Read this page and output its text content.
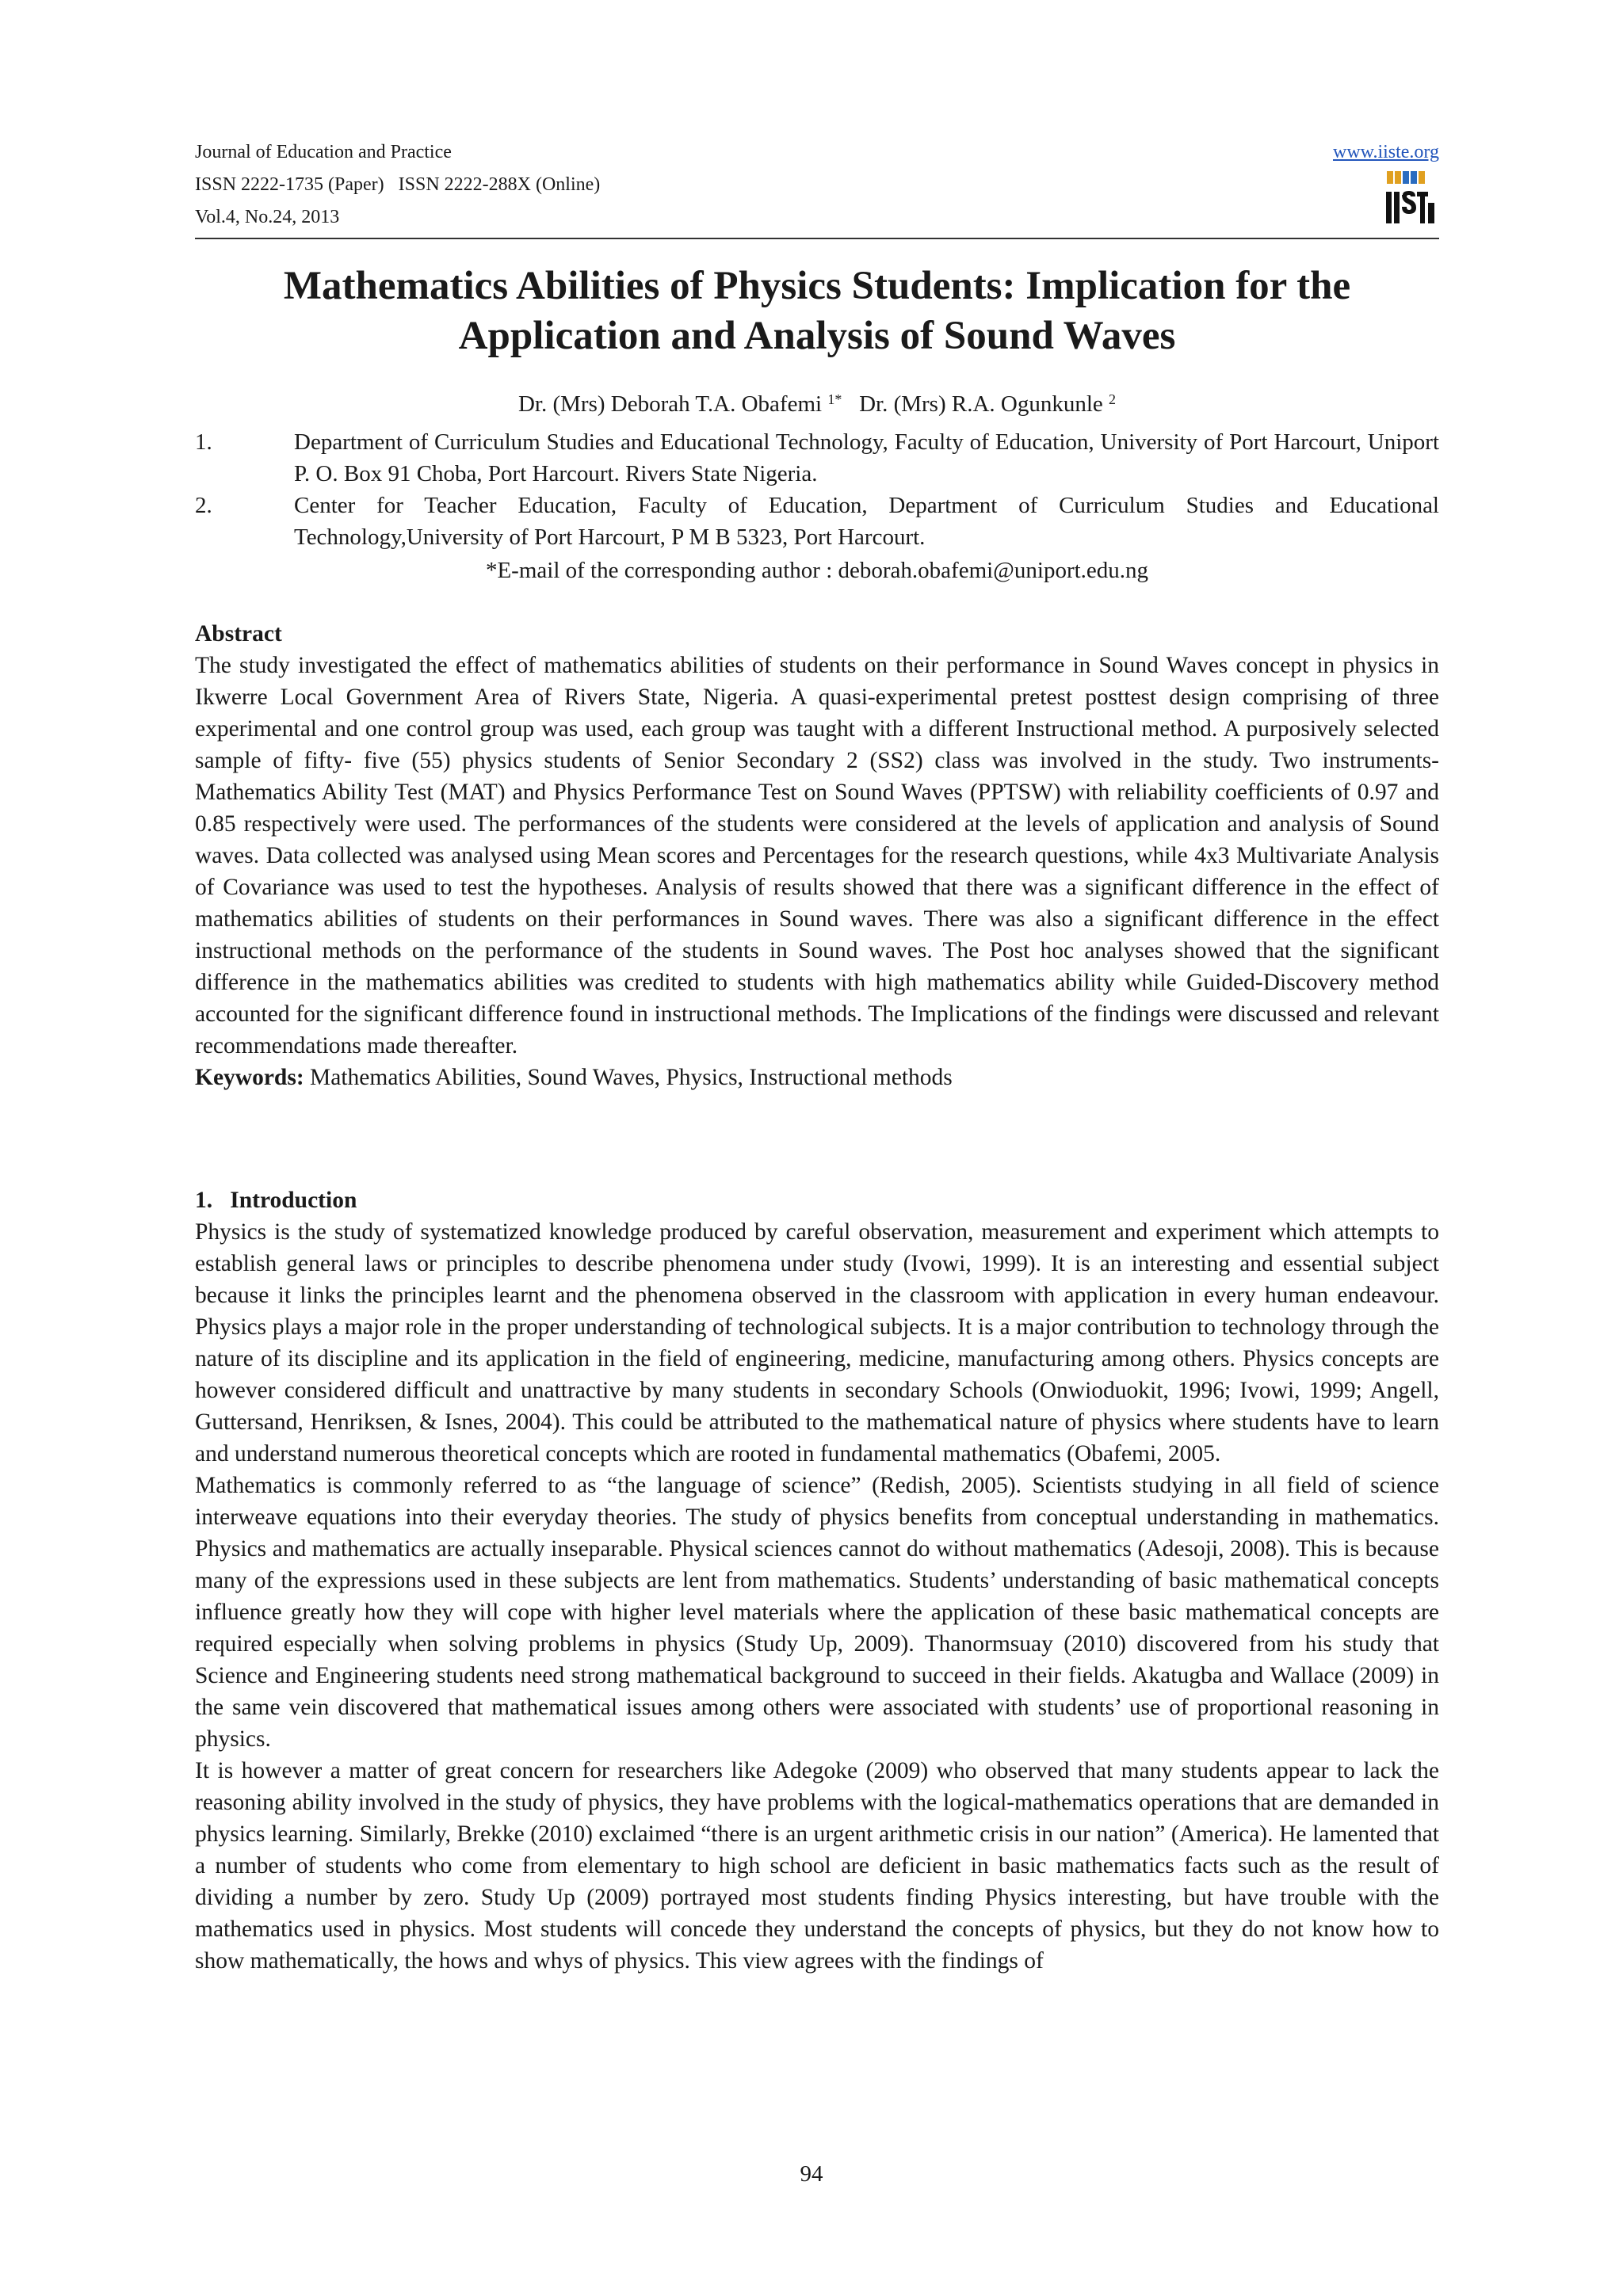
Journal of Education and Practice
ISSN 2222-1735 (Paper)   ISSN 2222-288X (Online)
Vol.4, No.24, 2013
www.iiste.org
Mathematics Abilities of Physics Students: Implication for the Application and Analysis of Sound Waves
Dr. (Mrs) Deborah T.A. Obafemi $^{1*}$ Dr. (Mrs) R.A. Ogunkunle $^2$
1.	Department of Curriculum Studies and Educational Technology, Faculty of Education, University of Port Harcourt, Uniport P. O. Box 91 Choba, Port Harcourt. Rivers State Nigeria.
2.	Center for Teacher Education, Faculty of Education, Department of Curriculum Studies and Educational Technology,University of Port Harcourt, P M B 5323, Port Harcourt.
*E-mail of the corresponding author : deborah.obafemi@uniport.edu.ng

Abstract

The study investigated the effect of mathematics abilities of students on their performance in Sound Waves concept in physics in Ikwerre Local Government Area of Rivers State, Nigeria. A quasi-experimental pretest posttest design comprising of three experimental and one control group was used, each group was taught with a different Instructional method. A purposively selected sample of fifty- five (55) physics students of Senior Secondary 2 (SS2) class was involved in the study. Two instruments- Mathematics Ability Test (MAT) and Physics Performance Test on Sound Waves (PPTSW) with reliability coefficients of 0.97 and 0.85 respectively were used. The performances of the students were considered at the levels of application and analysis of Sound waves. Data collected was analysed using Mean scores and Percentages for the research questions, while 4x3 Multivariate Analysis of Covariance was used to test the hypotheses. Analysis of results showed that there was a significant difference in the effect of mathematics abilities of students on their performances in Sound waves. There was also a significant difference in the effect instructional methods on the performance of the students in Sound waves. The Post hoc analyses showed that the significant difference in the mathematics abilities was credited to students with high mathematics ability while Guided-Discovery method accounted for the significant difference found in instructional methods. The Implications of the findings were discussed and relevant recommendations made thereafter.

Keywords: Mathematics Abilities, Sound Waves, Physics, Instructional methods

1.   Introduction

Physics is the study of systematized knowledge produced by careful observation, measurement and experiment which attempts to establish general laws or principles to describe phenomena under study (Ivowi, 1999). It is an interesting and essential subject because it links the principles learnt and the phenomena observed in the classroom with application in every human endeavour. Physics plays a major role in the proper understanding of technological subjects. It is a major contribution to technology through the nature of its discipline and its application in the field of engineering, medicine, manufacturing among others. Physics concepts are however considered difficult and unattractive by many students in secondary Schools (Onwioduokit, 1996; Ivowi, 1999; Angell, Guttersand, Henriksen, & Isnes, 2004). This could be attributed to the mathematical nature of physics where students have to learn and understand numerous theoretical concepts which are rooted in fundamental mathematics (Obafemi, 2005.

Mathematics is commonly referred to as “the language of science” (Redish, 2005). Scientists studying in all field of science interweave equations into their everyday theories. The study of physics benefits from conceptual understanding in mathematics. Physics and mathematics are actually inseparable. Physical sciences cannot do without mathematics (Adesoji, 2008). This is because many of the expressions used in these subjects are lent from mathematics. Students’ understanding of basic mathematical concepts influence greatly how they will cope with higher level materials where the application of these basic mathematical concepts are required especially when solving problems in physics (Study Up, 2009). Thanormsuay (2010) discovered from his study that Science and Engineering students need strong mathematical background to succeed in their fields. Akatugba and Wallace (2009) in the same vein discovered that mathematical issues among others were associated with students’ use of proportional reasoning in physics.

It is however a matter of great concern for researchers like Adegoke (2009) who observed that many students appear to lack the reasoning ability involved in the study of physics, they have problems with the logical-mathematics operations that are demanded in physics learning. Similarly, Brekke (2010) exclaimed “there is an urgent arithmetic crisis in our nation” (America). He lamented that a number of students who come from elementary to high school are deficient in basic mathematics facts such as the result of dividing a number by zero. Study Up (2009) portrayed most students finding Physics interesting, but have trouble with the mathematics used in physics. Most students will concede they understand the concepts of physics, but they do not know how to show mathematically, the hows and whys of physics. This view agrees with the findings of

94
